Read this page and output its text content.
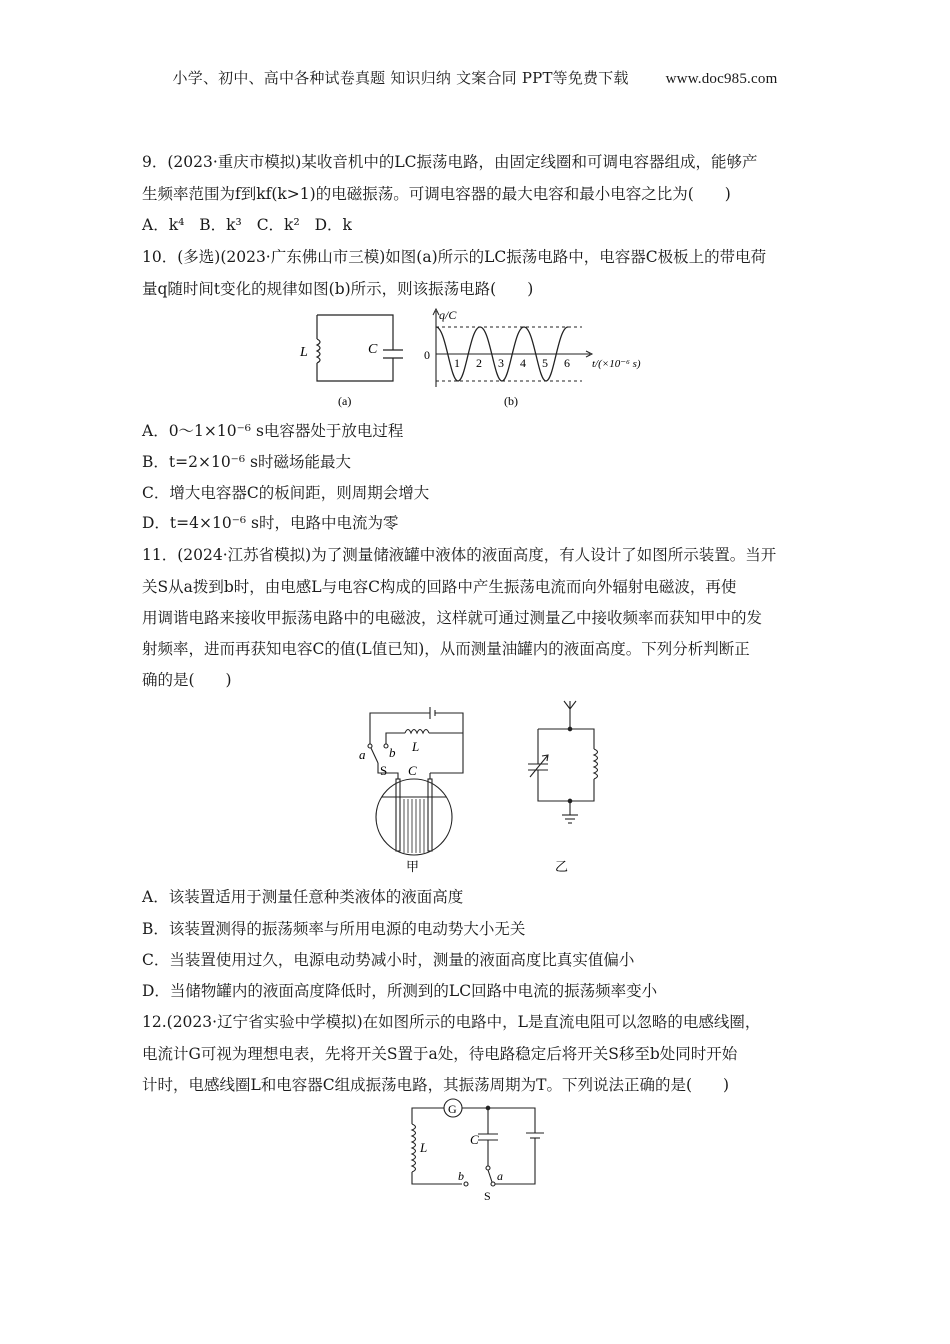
小学、初中、高中各种试卷真题 知识归纳 文案合同 PPT等免费下载 www.doc985.com
9．(2023·重庆市模拟)某收音机中的LC振荡电路，由固定线圈和可调电容器组成，能够产
生频率范围为f到kf(k>1)的电磁振荡。可调电容器的最大电容和最小电容之比为(　　)
A．k⁴ B．k³ C．k² D．k
10．(多选)(2023·广东佛山市三模)如图(a)所示的LC振荡电路中，电容器C极板上的带电荷
量q随时间t变化的规律如图(b)所示，则该振荡电路(　　)
L	C
(a)
q/C
0
1 2 3 4 5 6 t/(×10⁻⁶ s)
(b)
A．0～1×10⁻⁶ s电容器处于放电过程
B．t=2×10⁻⁶ s时磁场能最大
C．增大电容器C的板间距，则周期会增大
D．t=4×10⁻⁶ s时，电路中电流为零
11．(2024·江苏省模拟)为了测量储液罐中液体的液面高度，有人设计了如图所示装置。当开
关S从a拨到b时，由电感L与电容C构成的回路中产生振荡电流而向外辐射电磁波，再使
用调谐电路来接收甲振荡电路中的电磁波，这样就可通过测量乙中接收频率而获知甲中的发
射频率，进而再获知电容C的值(L值已知)，从而测量油罐内的液面高度。下列分析判断正
确的是(　　)
a b
S
L
C
甲	乙
A．该装置适用于测量任意种类液体的液面高度
B．该装置测得的振荡频率与所用电源的电动势大小无关
C．当装置使用过久，电源电动势减小时，测量的液面高度比真实值偏小
D．当储物罐内的液面高度降低时，所测到的LC回路中电流的振荡频率变小
12.(2023·辽宁省实验中学模拟)在如图所示的电路中，L是直流电阻可以忽略的电感线圈，
电流计G可视为理想电表，先将开关S置于a处，待电路稳定后将开关S移至b处同时开始
计时，电感线圈L和电容器C组成振荡电路，其振荡周期为T。下列说法正确的是(　　)
G
L
C
b	a
S
